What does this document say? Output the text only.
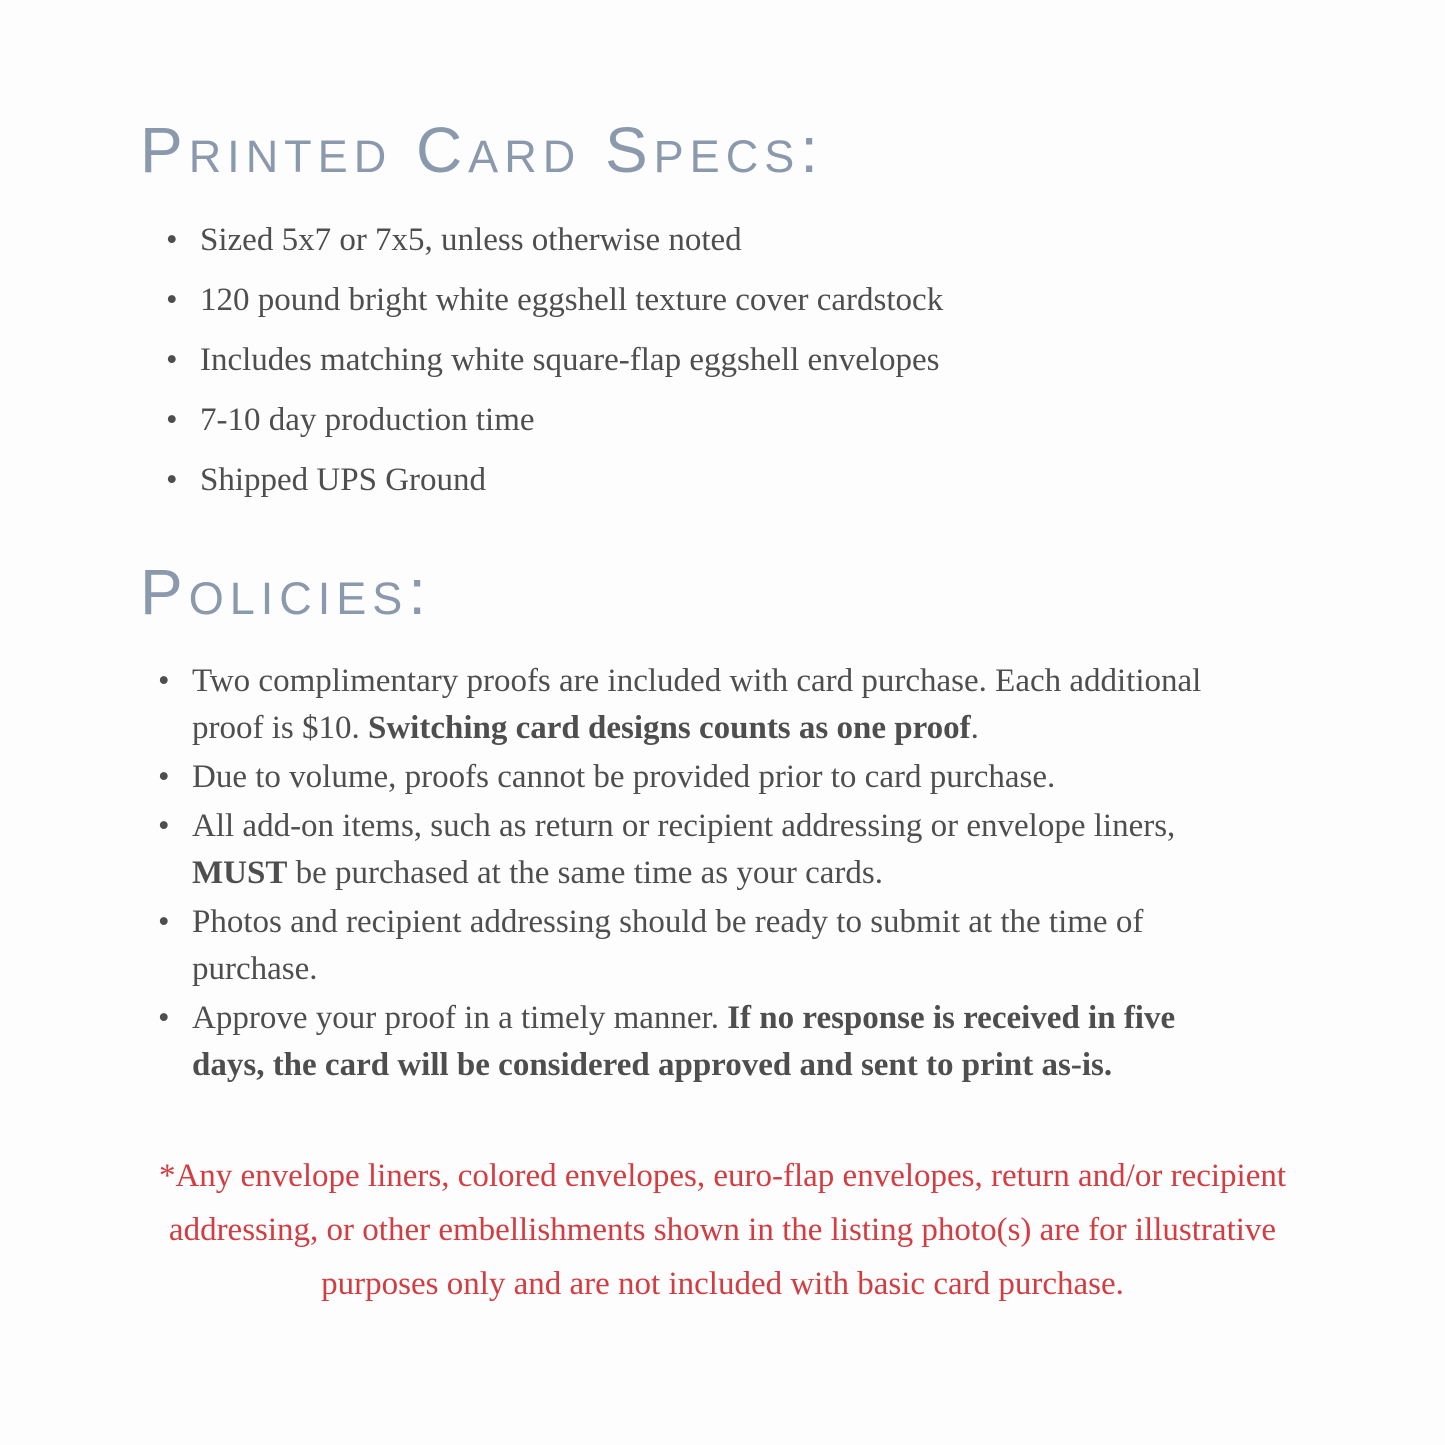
Printed Card Specs:
• Sized 5x7 or 7x5, unless otherwise noted
• 120 pound bright white eggshell texture cover cardstock
• Includes matching white square-flap eggshell envelopes
• 7-10 day production time
• Shipped UPS Ground
Policies:
• Two complimentary proofs are included with card purchase. Each additional proof is $10. Switching card designs counts as one proof.
• Due to volume, proofs cannot be provided prior to card purchase.
• All add-on items, such as return or recipient addressing or envelope liners, MUST be purchased at the same time as your cards.
• Photos and recipient addressing should be ready to submit at the time of purchase.
• Approve your proof in a timely manner. If no response is received in five days, the card will be considered approved and sent to print as-is.

*Any envelope liners, colored envelopes, euro-flap envelopes, return and/or recipient addressing, or other embellishments shown in the listing photo(s) are for illustrative purposes only and are not included with basic card purchase.
